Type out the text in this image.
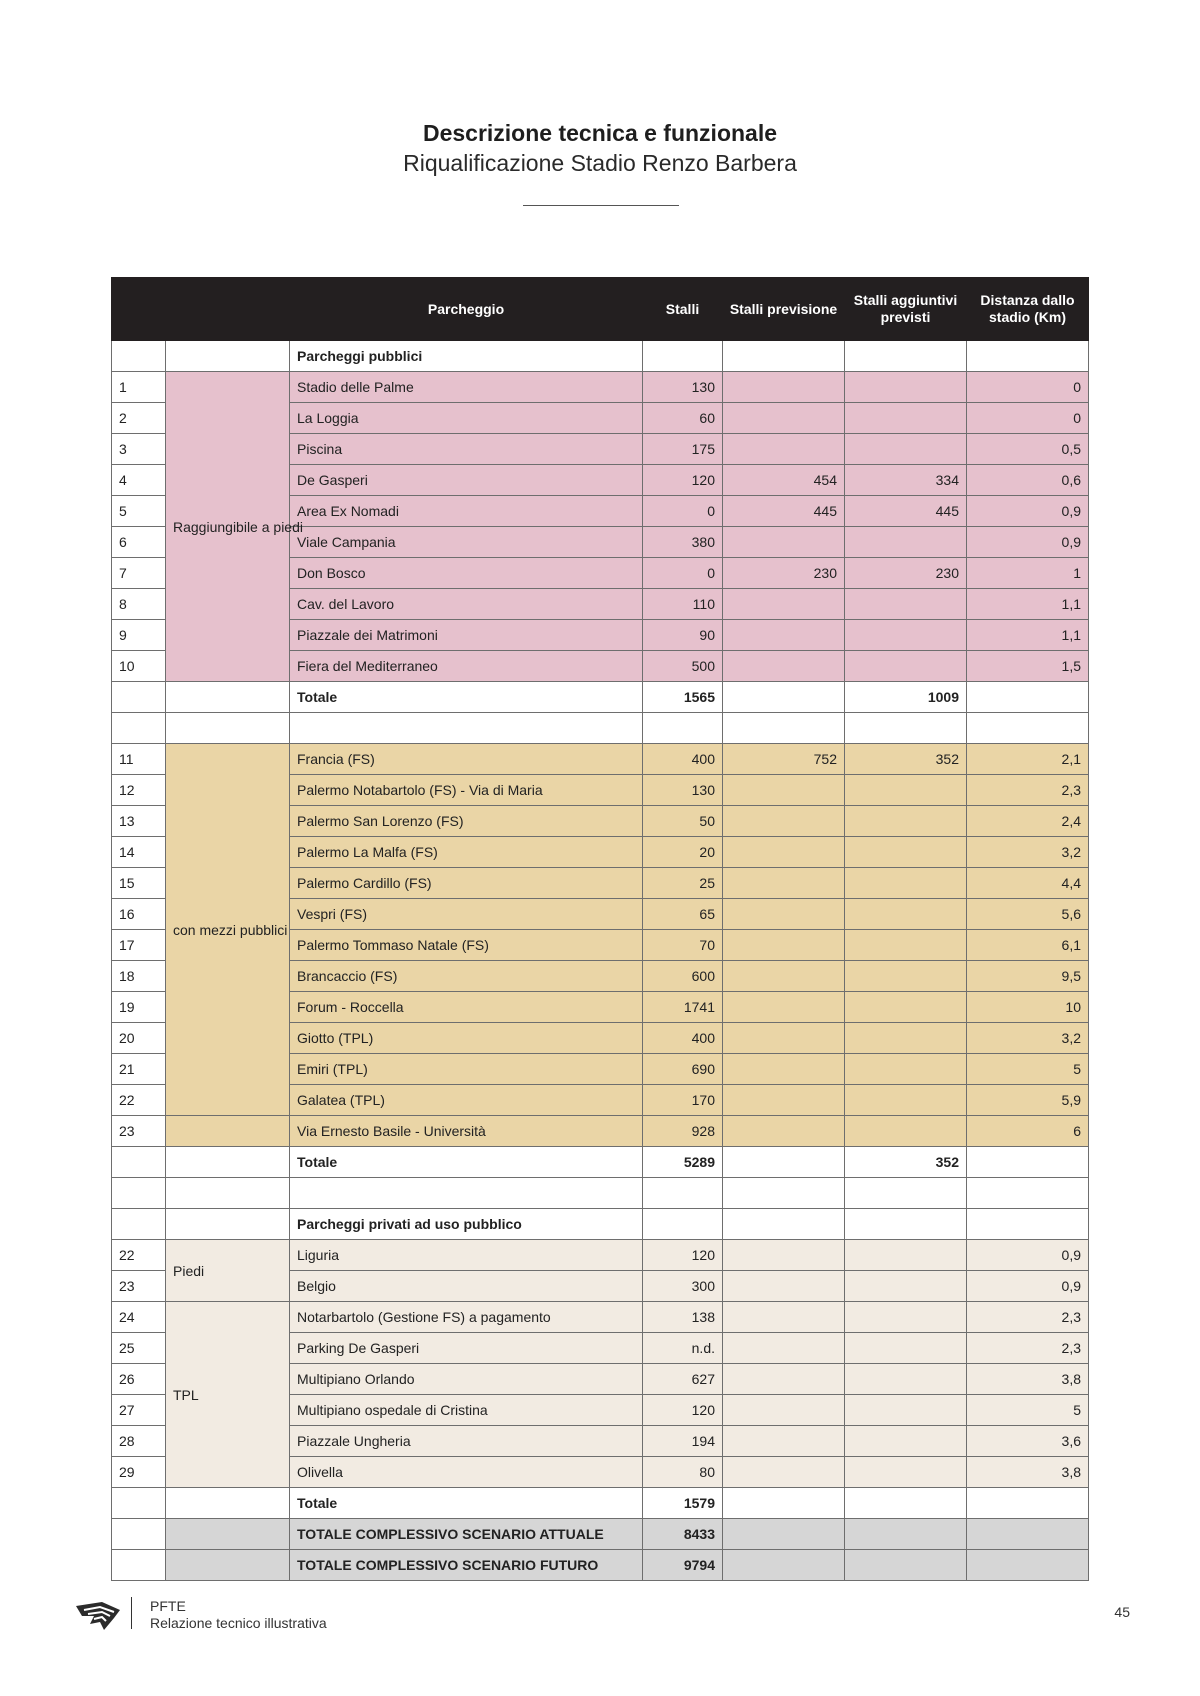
Descrizione tecnica e funzionale
Riqualificazione Stadio Renzo Barbera
		Parcheggio	Stalli	Stalli previsione	Stalli aggiuntivi previsti	Distanza dallo stadio (Km)
		Parcheggi pubblici				
1	Raggiungibile a piedi	Stadio delle Palme	130			0
2		La Loggia	60			0
3		Piscina	175			0,5
4		De Gasperi	120	454	334	0,6
5		Area Ex Nomadi	0	445	445	0,9
6		Viale Campania	380			0,9
7		Don Bosco	0	230	230	1
8		Cav. del Lavoro	110			1,1
9		Piazzale dei Matrimoni	90			1,1
10		Fiera del Mediterraneo	500			1,5
		Totale	1565		1009	

11	con mezzi pubblici	Francia (FS)	400	752	352	2,1
12		Palermo Notabartolo (FS) - Via di Maria	130			2,3
13		Palermo San Lorenzo (FS)	50			2,4
14		Palermo La Malfa (FS)	20			3,2
15		Palermo Cardillo (FS)	25			4,4
16		Vespri (FS)	65			5,6
17		Palermo Tommaso Natale (FS)	70			6,1
18		Brancaccio (FS)	600			9,5
19		Forum - Roccella	1741			10
20		Giotto (TPL)	400			3,2
21		Emiri (TPL)	690			5
22		Galatea (TPL)	170			5,9
23		Via Ernesto Basile - Università	928			6
		Totale	5289		352	

		Parcheggi privati ad uso pubblico				
22	Piedi	Liguria	120			0,9
23		Belgio	300			0,9
24	TPL	Notarbartolo (Gestione FS) a pagamento	138			2,3
25		Parking De Gasperi	n.d.			2,3
26		Multipiano Orlando	627			3,8
27		Multipiano ospedale di Cristina	120			5
28		Piazzale Ungheria	194			3,6
29		Olivella	80			3,8
		Totale	1579			
		TOTALE COMPLESSIVO SCENARIO ATTUALE	8433			
		TOTALE COMPLESSIVO SCENARIO FUTURO	9794			
PFTE
Relazione tecnico illustrativa
45
